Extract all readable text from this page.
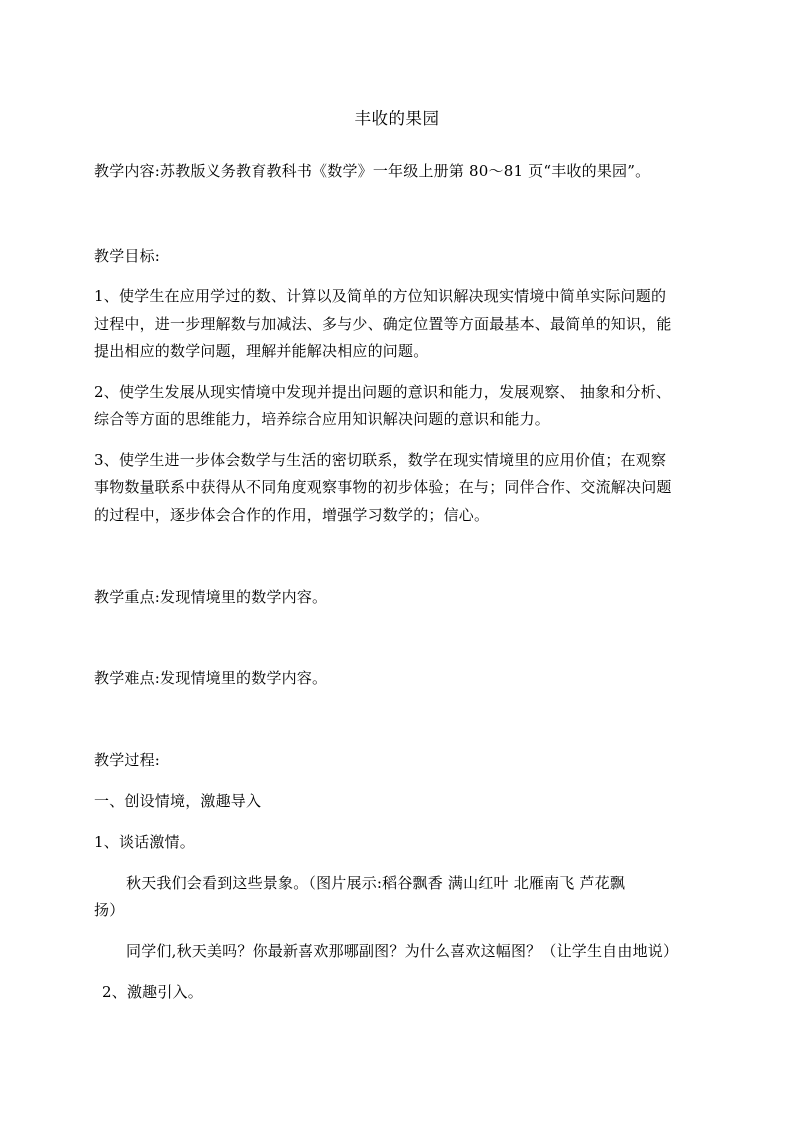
丰收的果园
教学内容:苏教版义务教育教科书《数学》一年级上册第 80～81 页“丰收的果园”。
教学目标:
1、使学生在应用学过的数、计算以及简单的方位知识解决现实情境中简单实际问题的
过程中，进一步理解数与加减法、多与少、确定位置等方面最基本、最简单的知识，能
提出相应的数学问题，理解并能解决相应的问题。
2、使学生发展从现实情境中发现并提出问题的意识和能力，发展观察、 抽象和分析、
综合等方面的思维能力，培养综合应用知识解决问题的意识和能力。
3、使学生进一步体会数学与生活的密切联系，数学在现实情境里的应用价值；在观察
事物数量联系中获得从不同角度观察事物的初步体验；在与；同伴合作、交流解决问题
的过程中，逐步体会合作的作用，增强学习数学的；信心。
教学重点:发现情境里的数学内容。
教学难点:发现情境里的数学内容。
教学过程:
一、创设情境，激趣导入
1、谈话激情。
秋天我们会看到这些景象。（图片展示:稻谷飘香 满山红叶 北雁南飞 芦花飘
扬）
同学们,秋天美吗？你最新喜欢那哪副图？为什么喜欢这幅图？（让学生自由地说）
2、激趣引入。
